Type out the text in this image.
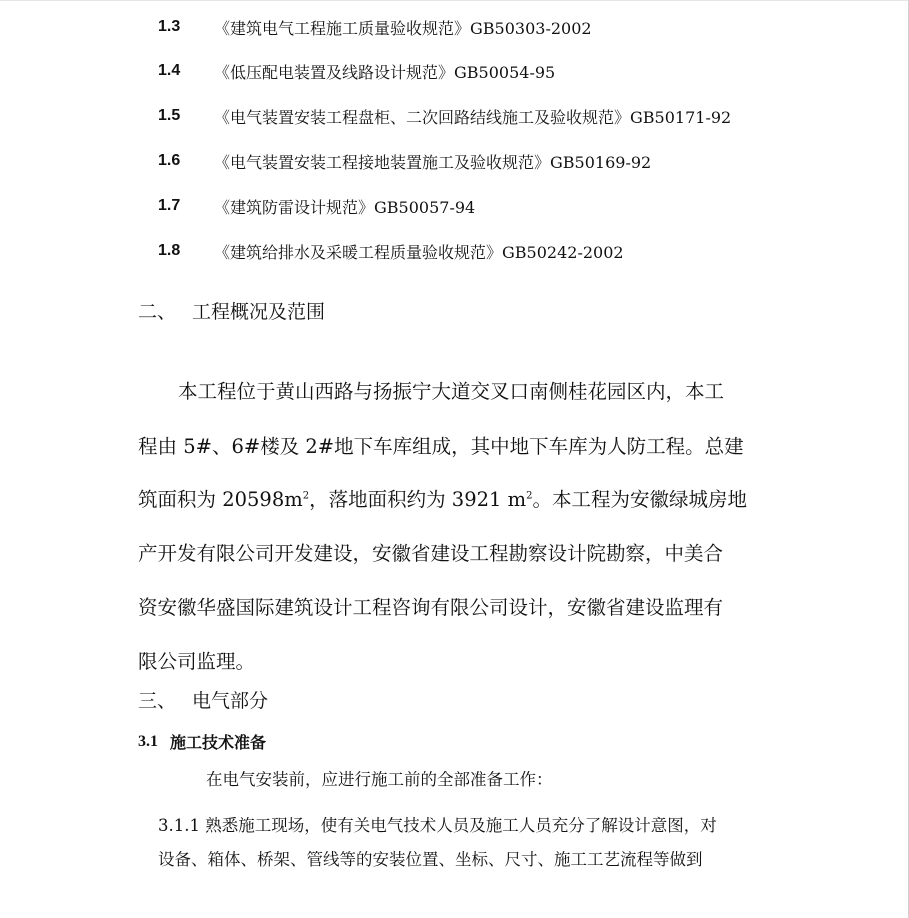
1.3	《建筑电气工程施工质量验收规范》GB50303-2002
1.4	《低压配电装置及线路设计规范》GB50054-95
1.5	《电气装置安装工程盘柜、二次回路结线施工及验收规范》GB50171-92
1.6	《电气装置安装工程接地装置施工及验收规范》GB50169-92
1.7	《建筑防雷设计规范》GB50057-94
1.8	《建筑给排水及采暖工程质量验收规范》GB50242-2002
二、 工程概况及范围
本工程位于黄山西路与扬振宁大道交叉口南侧桂花园区内，本工
程由 5#、6#楼及 2#地下车库组成，其中地下车库为人防工程。总建
筑面积为 $20598m^2$，落地面积约为 3921 $m^2$。本工程为安徽绿城房地
产开发有限公司开发建设，安徽省建设工程勘察设计院勘察，中美合
资安徽华盛国际建筑设计工程咨询有限公司设计，安徽省建设监理有
限公司监理。
三、 电气部分
3.1 施工技术准备
在电气安装前，应进行施工前的全部准备工作：
3.1.1 熟悉施工现场，使有关电气技术人员及施工人员充分了解设计意图，对
设备、箱体、桥架、管线等的安装位置、坐标、尺寸、施工工艺流程等做到
